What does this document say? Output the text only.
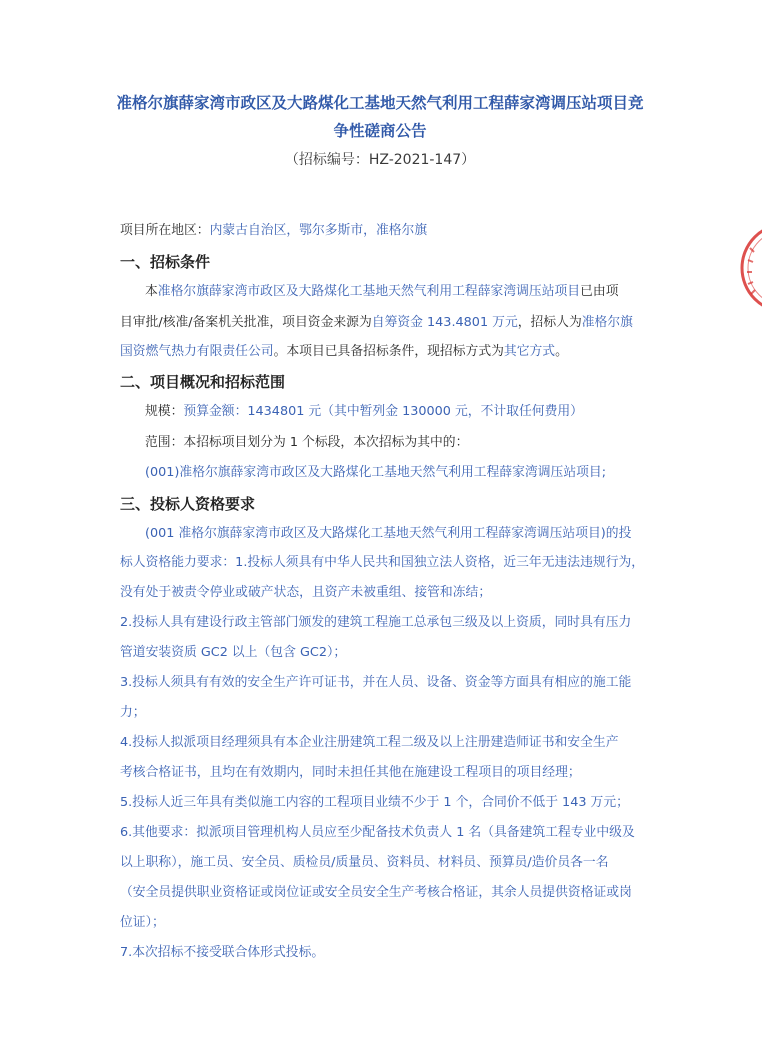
准格尔旗薛家湾市政区及大路煤化工基地天然气利用工程薛家湾调压站项目竞
争性磋商公告
（招标编号：HZ-2021-147）
项目所在地区：内蒙古自治区，鄂尔多斯市，准格尔旗
一、招标条件
本准格尔旗薛家湾市政区及大路煤化工基地天然气利用工程薛家湾调压站项目已由项
目审批/核准/备案机关批准，项目资金来源为自筹资金 143.4801 万元，招标人为准格尔旗
国资燃气热力有限责任公司。本项目已具备招标条件，现招标方式为其它方式。
二、项目概况和招标范围
规模：预算金额：1434801 元（其中暂列金 130000 元，不计取任何费用）
范围：本招标项目划分为 1 个标段，本次招标为其中的：
(001)准格尔旗薛家湾市政区及大路煤化工基地天然气利用工程薛家湾调压站项目;
三、投标人资格要求
(001 准格尔旗薛家湾市政区及大路煤化工基地天然气利用工程薛家湾调压站项目)的投
标人资格能力要求：1.投标人须具有中华人民共和国独立法人资格，近三年无违法违规行为，
没有处于被责令停业或破产状态，且资产未被重组、接管和冻结；
2.投标人具有建设行政主管部门颁发的建筑工程施工总承包三级及以上资质，同时具有压力
管道安装资质 GC2 以上（包含 GC2）；
3.投标人须具有有效的安全生产许可证书，并在人员、设备、资金等方面具有相应的施工能
力；
4.投标人拟派项目经理须具有本企业注册建筑工程二级及以上注册建造师证书和安全生产
考核合格证书，且均在有效期内，同时未担任其他在施建设工程项目的项目经理；
5.投标人近三年具有类似施工内容的工程项目业绩不少于 1 个，合同价不低于 143 万元；
6.其他要求：拟派项目管理机构人员应至少配备技术负责人 1 名（具备建筑工程专业中级及
以上职称），施工员、安全员、质检员/质量员、资料员、材料员、预算员/造价员各一名
（安全员提供职业资格证或岗位证或安全员安全生产考核合格证，其余人员提供资格证或岗
位证）；
7.本次招标不接受联合体形式投标。
